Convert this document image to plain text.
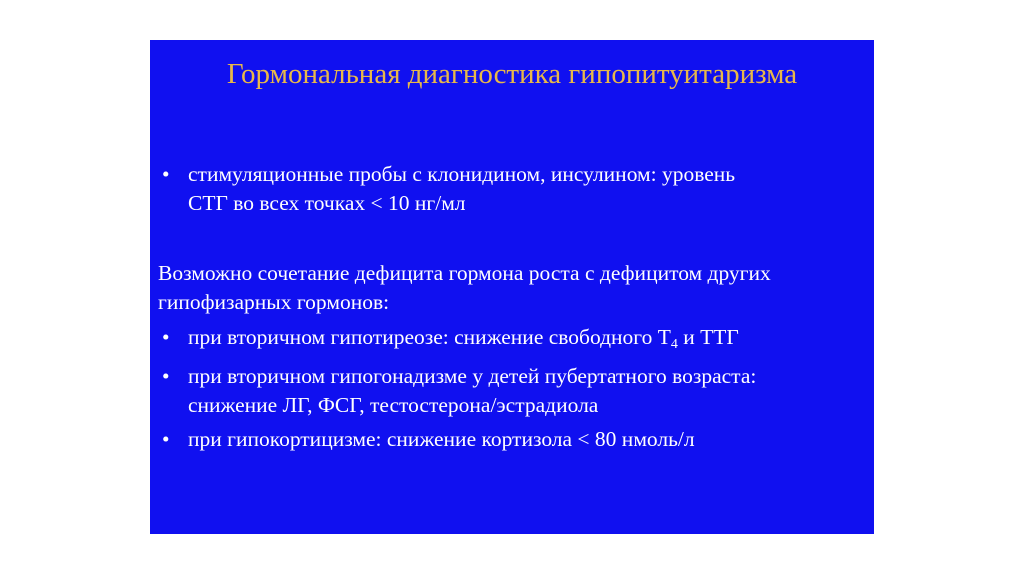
Гормональная диагностика гипопитуитаризма
• стимуляционные пробы с клонидином, инсулином: уровень
СТГ во всех точках < 10 нг/мл
Возможно сочетание дефицита гормона роста с дефицитом других
гипофизарных гормонов:
• при вторичном гипотиреозе: снижение свободного $Т_4$ и ТТГ
• при вторичном гипогонадизме у детей пубертатного возраста:
снижение ЛГ, ФСГ, тестостерона/эстрадиола
• при гипокортицизме: снижение кортизола < 80 нмоль/л
